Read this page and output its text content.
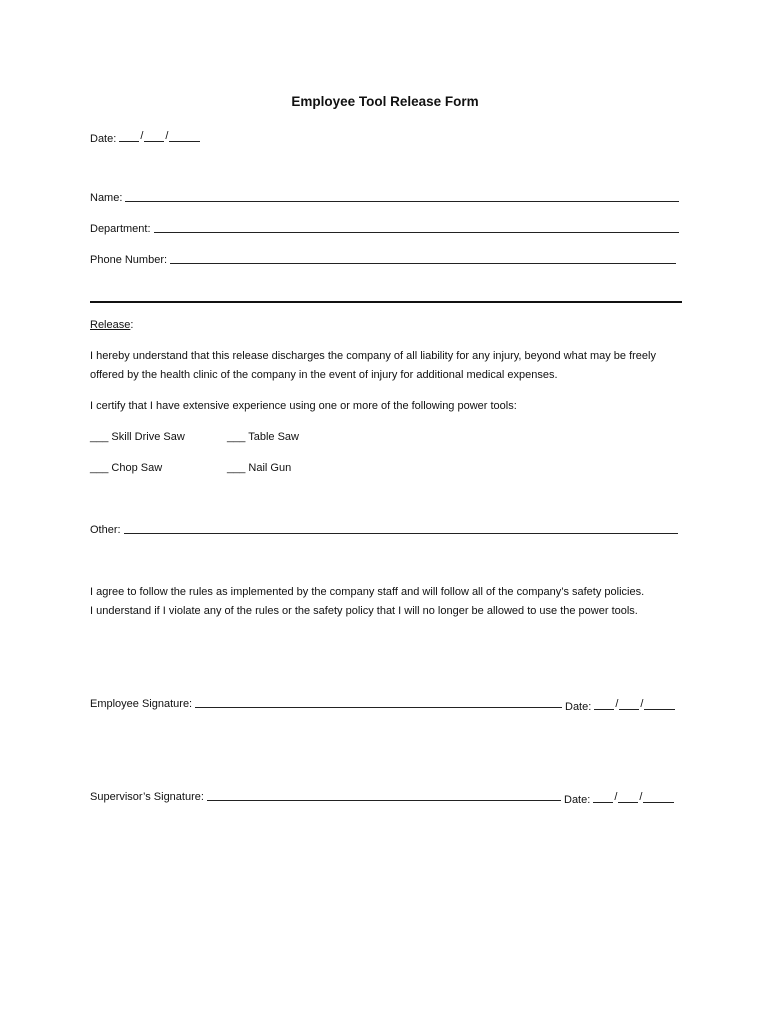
Employee Tool Release Form
Date: / /
Name:
Department:
Phone Number:
Release:
I hereby understand that this release discharges the company of all liability for any injury, beyond what may be freely offered by the health clinic of the company in the event of injury for additional medical expenses.
I certify that I have extensive experience using one or more of the following power tools:
___ Skill Drive Saw	___ Table Saw
___ Chop Saw	___ Nail Gun
Other:
I agree to follow the rules as implemented by the company staff and will follow all of the company’s safety policies.
I understand if I violate any of the rules or the safety policy that I will no longer be allowed to use the power tools.
Employee Signature:	Date: / /
Supervisor’s Signature:	Date: / /
